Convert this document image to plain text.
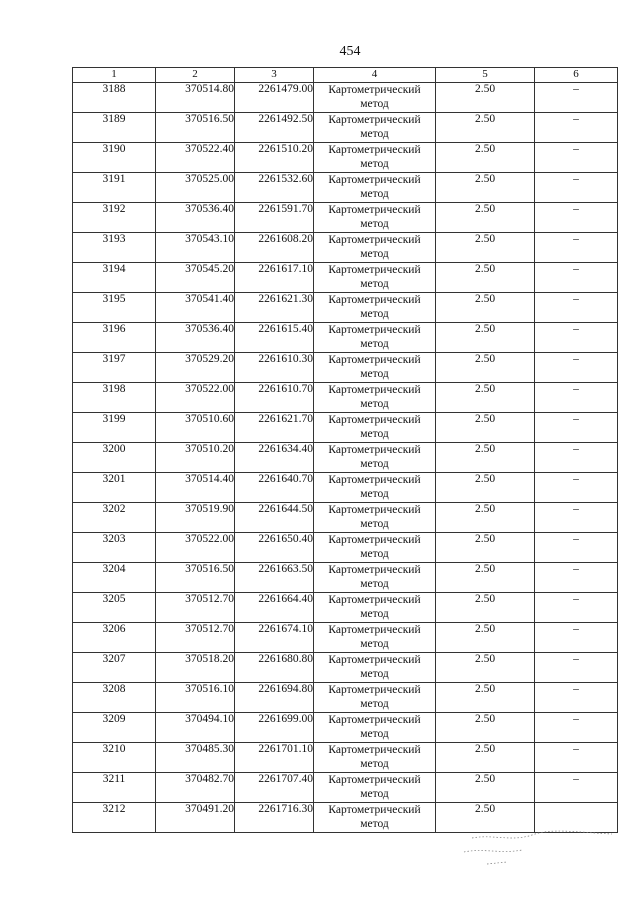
454
1	2	3	4	5	6
3188	370514.80	2261479.00	Картометрический метод	2.50	–
3189	370516.50	2261492.50	Картометрический метод	2.50	–
3190	370522.40	2261510.20	Картометрический метод	2.50	–
3191	370525.00	2261532.60	Картометрический метод	2.50	–
3192	370536.40	2261591.70	Картометрический метод	2.50	–
3193	370543.10	2261608.20	Картометрический метод	2.50	–
3194	370545.20	2261617.10	Картометрический метод	2.50	–
3195	370541.40	2261621.30	Картометрический метод	2.50	–
3196	370536.40	2261615.40	Картометрический метод	2.50	–
3197	370529.20	2261610.30	Картометрический метод	2.50	–
3198	370522.00	2261610.70	Картометрический метод	2.50	–
3199	370510.60	2261621.70	Картометрический метод	2.50	–
3200	370510.20	2261634.40	Картометрический метод	2.50	–
3201	370514.40	2261640.70	Картометрический метод	2.50	–
3202	370519.90	2261644.50	Картометрический метод	2.50	–
3203	370522.00	2261650.40	Картометрический метод	2.50	–
3204	370516.50	2261663.50	Картометрический метод	2.50	–
3205	370512.70	2261664.40	Картометрический метод	2.50	–
3206	370512.70	2261674.10	Картометрический метод	2.50	–
3207	370518.20	2261680.80	Картометрический метод	2.50	–
3208	370516.10	2261694.80	Картометрический метод	2.50	–
3209	370494.10	2261699.00	Картометрический метод	2.50	–
3210	370485.30	2261701.10	Картометрический метод	2.50	–
3211	370482.70	2261707.40	Картометрический метод	2.50	–
3212	370491.20	2261716.30	Картометрический метод	2.50	
